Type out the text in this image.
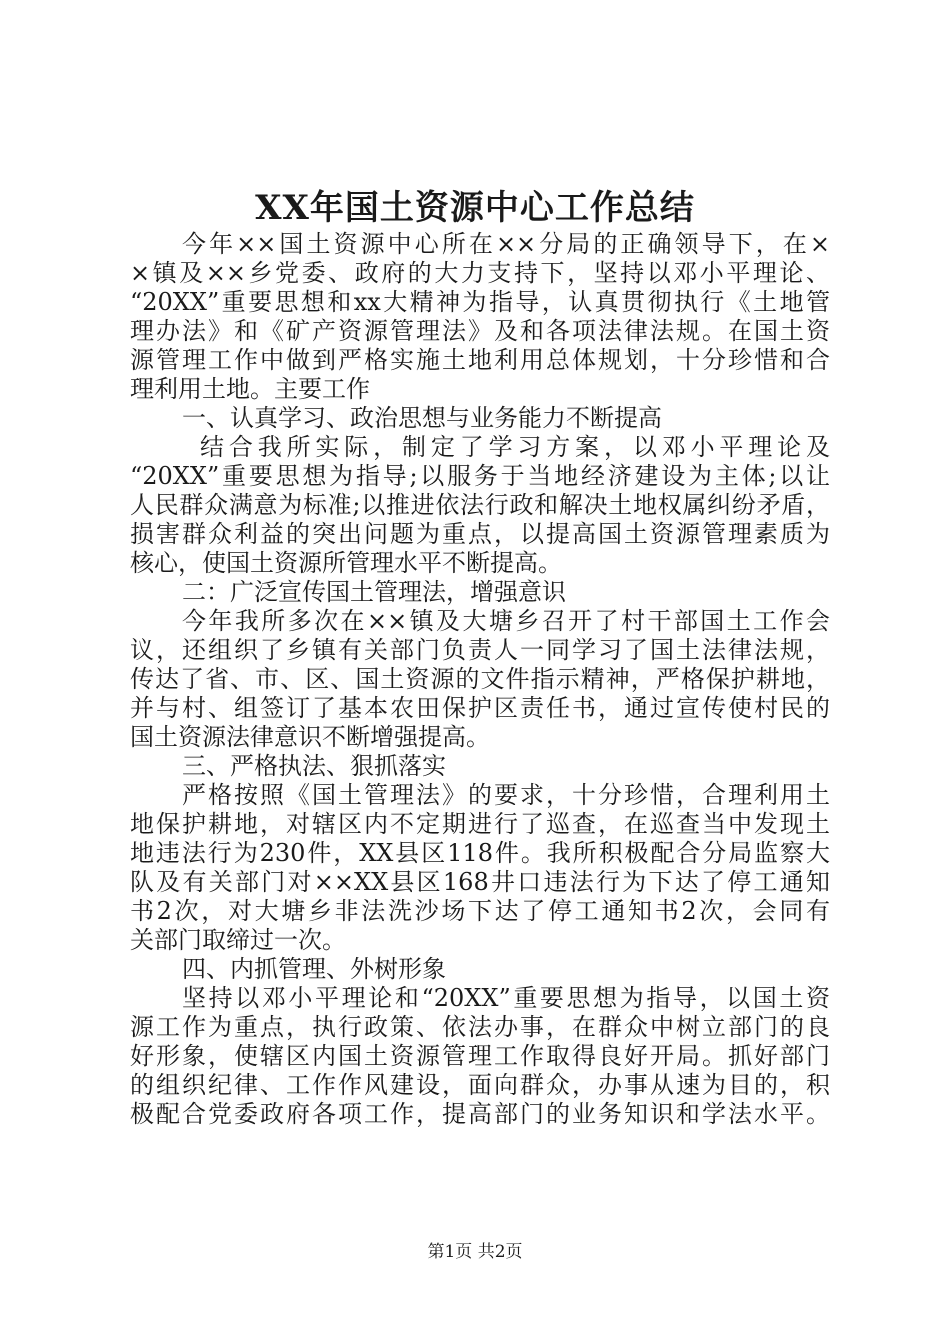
XX年国土资源中心工作总结
今年××国土资源中心所在××分局的正确领导下，在×
×镇及××乡党委、政府的大力支持下，坚持以邓小平理论、
“20XX”重要思想和xx大精神为指导，认真贯彻执行《土地管
理办法》和《矿产资源管理法》及和各项法律法规。在国土资
源管理工作中做到严格实施土地利用总体规划，十分珍惜和合
理利用土地。主要工作
一、认真学习、政治思想与业务能力不断提高
结合我所实际，制定了学习方案，以邓小平理论及
“20XX”重要思想为指导;以服务于当地经济建设为主体;以让
人民群众满意为标准;以推进依法行政和解决土地权属纠纷矛盾，
损害群众利益的突出问题为重点，以提高国土资源管理素质为
核心，使国土资源所管理水平不断提高。
二：广泛宣传国土管理法，增强意识
今年我所多次在××镇及大塘乡召开了村干部国土工作会
议，还组织了乡镇有关部门负责人一同学习了国土法律法规，
传达了省、市、区、国土资源的文件指示精神，严格保护耕地，
并与村、组签订了基本农田保护区责任书，通过宣传使村民的
国土资源法律意识不断增强提高。
三、严格执法、狠抓落实
严格按照《国土管理法》的要求，十分珍惜，合理利用土
地保护耕地，对辖区内不定期进行了巡查，在巡查当中发现土
地违法行为230件，XX县区118件。我所积极配合分局监察大
队及有关部门对××XX县区168井口违法行为下达了停工通知
书2次，对大塘乡非法洗沙场下达了停工通知书2次，会同有
关部门取缔过一次。
四、内抓管理、外树形象
坚持以邓小平理论和“20XX”重要思想为指导，以国土资
源工作为重点，执行政策、依法办事，在群众中树立部门的良
好形象，使辖区内国土资源管理工作取得良好开局。抓好部门
的组织纪律、工作作风建设，面向群众，办事从速为目的，积
极配合党委政府各项工作，提高部门的业务知识和学法水平。
第1页 共2页
